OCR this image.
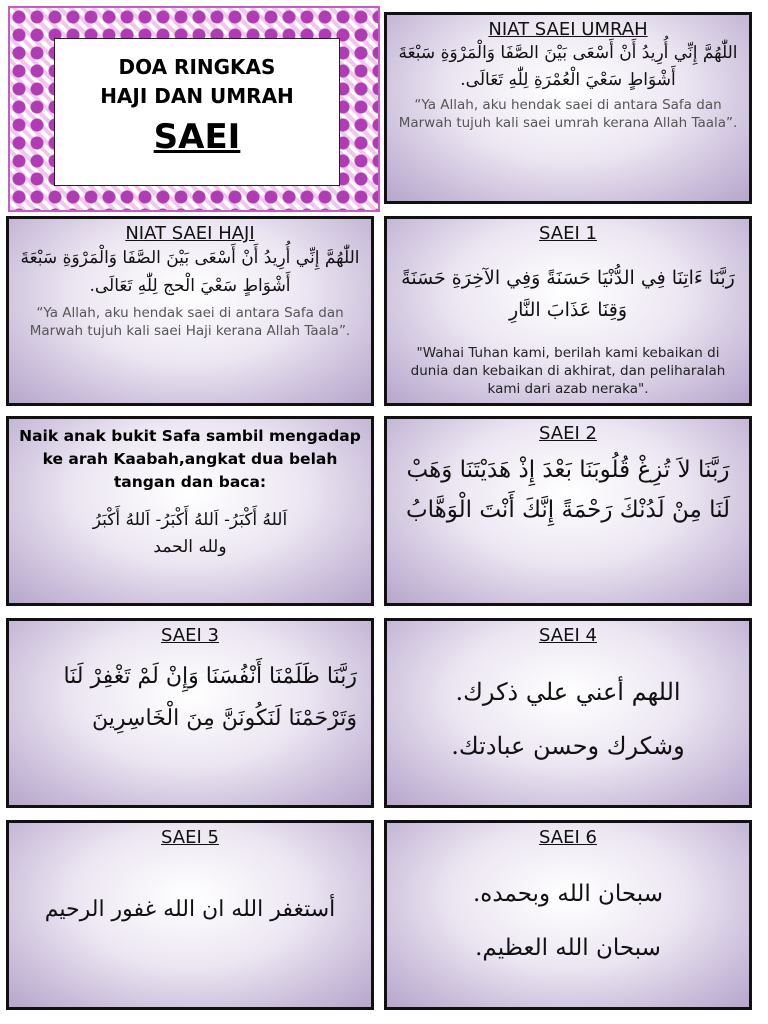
DOA RINGKAS
HAJI DAN UMRAH
SAEI
NIAT SAEI UMRAH
اللّٰهُمَّ إِنِّي أُرِيدُ أَنْ أَسْعَى بَيْنَ الصَّفَا وَالْمَرْوَةِ سَبْعَةَ أَشْوَاطٍ سَعْيَ الْعُمْرَةِ لِلّٰهِ تَعَالَى.
“Ya Allah, aku hendak saei di antara Safa dan Marwah tujuh kali saei umrah kerana Allah Taala”.
NIAT SAEI HAJI
اللّٰهُمَّ إِنِّي أُرِيدُ أَنْ أَسْعَى بَيْنَ الصَّفَا وَالْمَرْوَةِ سَبْعَةَ أَشْوَاطٍ سَعْيَ الْحج لِلّٰهِ تَعَالَى.
“Ya Allah, aku hendak saei di antara Safa dan Marwah tujuh kali saei Haji kerana Allah Taala”.
SAEI 1
رَبَّنَا ءَاتِنَا فِي الدُّنْيَا حَسَنَةً وَفِي الآخِرَةِ حَسَنَةً وَقِنَا عَذَابَ النَّارِ
"Wahai Tuhan kami, berilah kami kebaikan di dunia dan kebaikan di akhirat, dan peliharalah kami dari azab neraka".
Naik anak bukit Safa sambil mengadap ke arah Kaabah,angkat dua belah tangan dan baca:
اَللهُ أَكْبَرُ- اَللهُ أَكْبَرُ- اَللهُ أَكْبَرُ
ولله الحمد
SAEI 2
رَبَّنَا لاَ تُزِغْ قُلُوبَنَا بَعْدَ إِذْ هَدَيْتَنَا وَهَبْ لَنَا مِنْ لَدُنْكَ رَحْمَةً إِنَّكَ أَنْتَ الْوَهَّابُ
SAEI 3
رَبَّنَا ظَلَمْنَا أَنْفُسَنَا وَإِنْ لَمْ تَغْفِرْ لَنَا وَتَرْحَمْنَا لَنَكُونَنَّ مِنَ الْخَاسِرِينَ
SAEI 4
اللهم أعني علي ذكرك.
وشكرك وحسن عبادتك.
SAEI 5
أستغفر الله ان الله غفور الرحيم
SAEI 6
سبحان الله وبحمده.
سبحان الله العظيم.
